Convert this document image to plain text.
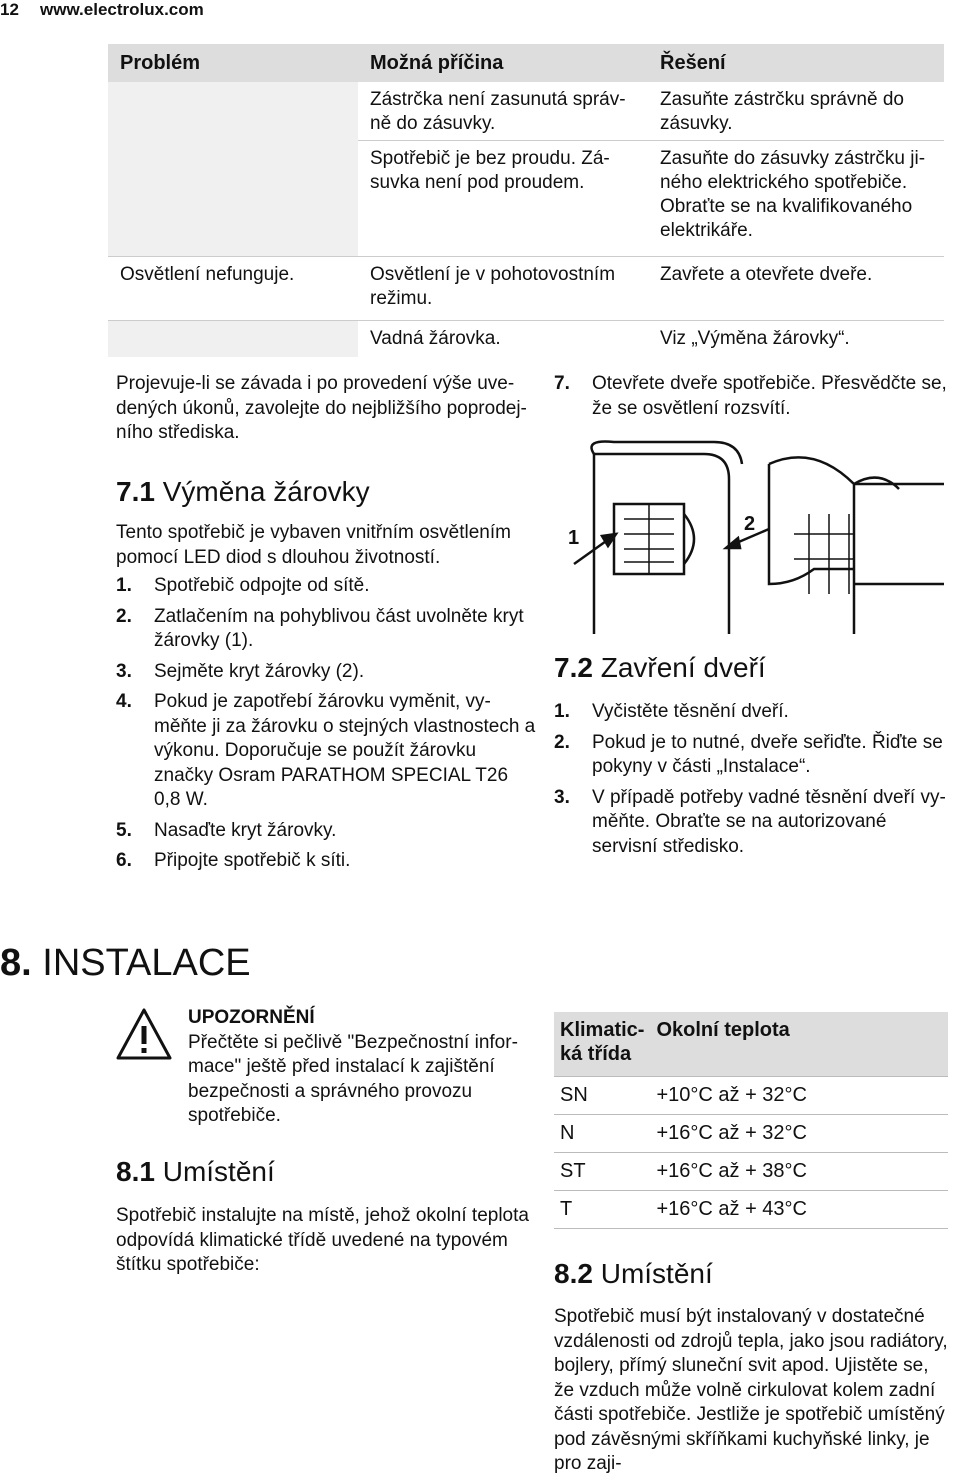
12 www.electrolux.com
Problém	Možná příčina	Řešení
	Zástrčka není zasunutá správ-ně do zásuvky.	Zasuňte zástrčku správně do zásuvky.
	Spotřebič je bez proudu. Zá-suvka není pod proudem.	Zasuňte do zásuvky zástrčku ji-ného elektrického spotřebiče. Obraťte se na kvalifikovaného elektrikáře.
Osvětlení nefunguje.	Osvětlení je v pohotovostním režimu.	Zavřete a otevřete dveře.
	Vadná žárovka.	Viz „Výměna žárovky“.
Projevuje-li se závada i po provedení výše uve-dených úkonů, zavolejte do nejbližšího poprodej-ního střediska.
7.	Otevřete dveře spotřebiče. Přesvědčte se, že se osvětlení rozsvítí.
7.1 Výměna žárovky
Tento spotřebič je vybaven vnitřním osvětlením pomocí LED diod s dlouhou životností.
1.	Spotřebič odpojte od sítě.
2.	Zatlačením na pohyblivou část uvolněte kryt žárovky (1).
3.	Sejměte kryt žárovky (2).
4.	Pokud je zapotřebí žárovku vyměnit, vy-měňte ji za žárovku o stejných vlastnostech a výkonu. Doporučuje se použít žárovku značky Osram PARATHOM SPECIAL T26 0,8 W.
5.	Nasaďte kryt žárovky.
6.	Připojte spotřebič k síti.
1
2
7.2 Zavření dveří
1.	Vyčistěte těsnění dveří.
2.	Pokud je to nutné, dveře seřiďte. Řiďte se pokyny v části „Instalace“.
3.	V případě potřeby vadné těsnění dveří vy-měňte. Obraťte se na autorizované servisní středisko.
8. INSTALACE
UPOZORNĚNÍ
Přečtěte si pečlivě "Bezpečnostní infor-mace" ještě před instalací k zajištění bezpečnosti a správného provozu spotřebiče.
8.1 Umístění
Spotřebič instalujte na místě, jehož okolní teplota odpovídá klimatické třídě uvedené na typovém štítku spotřebiče:
Klimatic-ká třída	Okolní teplota
SN	+10°C až + 32°C
N	+16°C až + 32°C
ST	+16°C až + 38°C
T	+16°C až + 43°C
8.2 Umístění
Spotřebič musí být instalovaný v dostatečné vzdálenosti od zdrojů tepla, jako jsou radiátory, bojlery, přímý sluneční svit apod. Ujistěte se, že vzduch může volně cirkulovat kolem zadní části spotřebiče. Jestliže je spotřebič umístěný pod závěsnými skříňkami kuchyňské linky, je pro zaji-
